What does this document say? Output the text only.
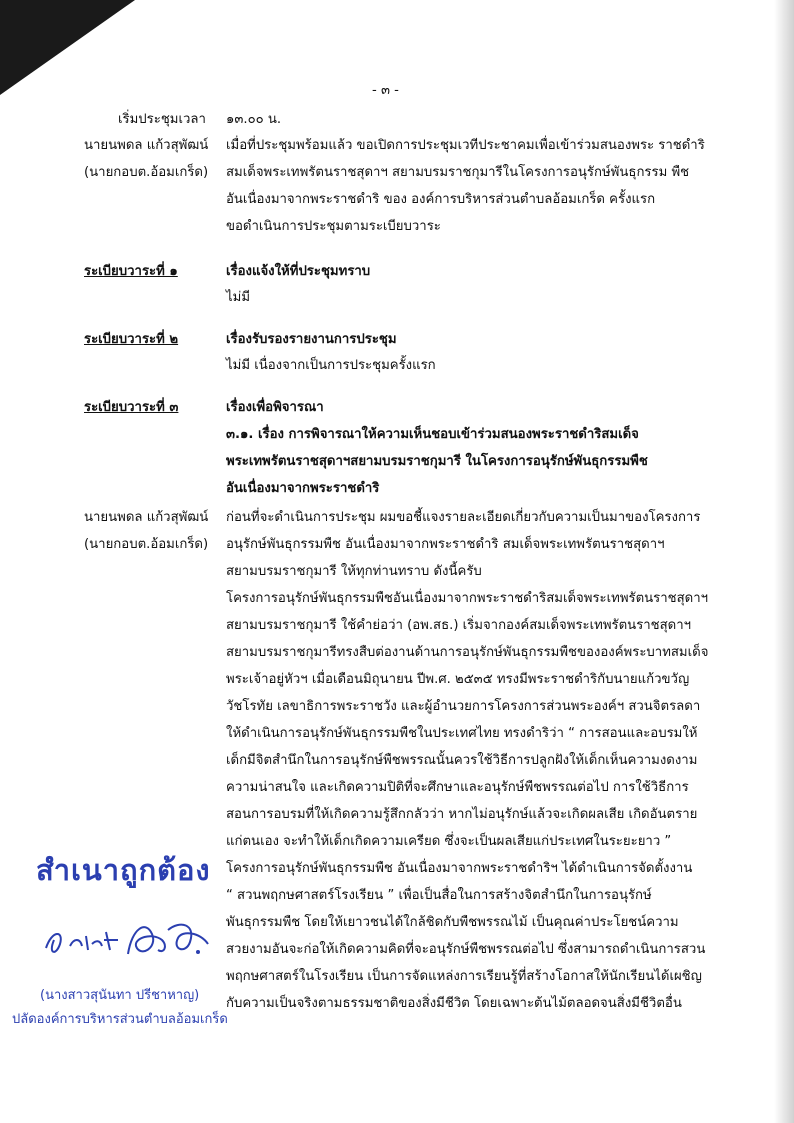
- ๓ -
เริ่มประชุมเวลา ๑๓.๐๐ น.
นายนพดล แก้วสุพัฒน์
(นายกอบต.อ้อมเกร็ด)
เมื่อที่ประชุมพร้อมแล้ว ขอเปิดการประชุมเวทีประชาคมเพื่อเข้าร่วมสนองพระ ราชดำริ
สมเด็จพระเทพรัตนราชสุดาฯ สยามบรมราชกุมารีในโครงการอนุรักษ์พันธุกรรม พืช
อันเนื่องมาจากพระราชดำริ ของ องค์การบริหารส่วนตำบลอ้อมเกร็ด ครั้งแรก
ขอดำเนินการประชุมตามระเบียบวาระ
ระเบียบวาระที่ ๑	เรื่องแจ้งให้ที่ประชุมทราบ
ไม่มี
ระเบียบวาระที่ ๒	เรื่องรับรองรายงานการประชุม
ไม่มี เนื่องจากเป็นการประชุมครั้งแรก
ระเบียบวาระที่ ๓	เรื่องเพื่อพิจารณา
๓.๑. เรื่อง การพิจารณาให้ความเห็นชอบเข้าร่วมสนองพระราชดำริสมเด็จ
พระเทพรัตนราชสุดาฯสยามบรมราชกุมารี ในโครงการอนุรักษ์พันธุกรรมพืช
อันเนื่องมาจากพระราชดำริ
นายนพดล แก้วสุพัฒน์
(นายกอบต.อ้อมเกร็ด)
ก่อนที่จะดำเนินการประชุม ผมขอชี้แจงรายละเอียดเกี่ยวกับความเป็นมาของโครงการ
อนุรักษ์พันธุกรรมพืช อันเนื่องมาจากพระราชดำริ สมเด็จพระเทพรัตนราชสุดาฯ
สยามบรมราชกุมารี ให้ทุกท่านทราบ ดังนี้ครับ
โครงการอนุรักษ์พันธุกรรมพืชอันเนื่องมาจากพระราชดำริสมเด็จพระเทพรัตนราชสุดาฯ
สยามบรมราชกุมารี ใช้คำย่อว่า (อพ.สธ.) เริ่มจากองค์สมเด็จพระเทพรัตนราชสุดาฯ
สยามบรมราชกุมารีทรงสืบต่องานด้านการอนุรักษ์พันธุกรรมพืชขององค์พระบาทสมเด็จ
พระเจ้าอยู่หัวฯ เมื่อเดือนมิถุนายน ปีพ.ศ. ๒๕๓๕ ทรงมีพระราชดำริกับนายแก้วขวัญ
วัชโรทัย เลขาธิการพระราชวัง และผู้อำนวยการโครงการส่วนพระองค์ฯ สวนจิตรลดา
ให้ดำเนินการอนุรักษ์พันธุกรรมพืชในประเทศไทย ทรงดำริว่า “ การสอนและอบรมให้
เด็กมีจิตสำนึกในการอนุรักษ์พืชพรรณนั้นควรใช้วิธีการปลูกฝังให้เด็กเห็นความงดงาม
ความน่าสนใจ และเกิดความปิติที่จะศึกษาและอนุรักษ์พืชพรรณต่อไป การใช้วิธีการ
สอนการอบรมที่ให้เกิดความรู้สึกกลัวว่า หากไม่อนุรักษ์แล้วจะเกิดผลเสีย เกิดอันตราย
แก่ตนเอง จะทำให้เด็กเกิดความเครียด ซึ่งจะเป็นผลเสียแก่ประเทศในระยะยาว ”
โครงการอนุรักษ์พันธุกรรมพืช อันเนื่องมาจากพระราชดำริฯ ได้ดำเนินการจัดตั้งงาน
“ สวนพฤกษศาสตร์โรงเรียน ” เพื่อเป็นสื่อในการสร้างจิตสำนึกในการอนุรักษ์
พันธุกรรมพืช โดยให้เยาวชนได้ใกล้ชิดกับพืชพรรณไม้ เป็นคุณค่าประโยชน์ความ
สวยงามอันจะก่อให้เกิดความคิดที่จะอนุรักษ์พืชพรรณต่อไป ซึ่งสามารถดำเนินการสวน
พฤกษศาสตร์ในโรงเรียน เป็นการจัดแหล่งการเรียนรู้ที่สร้างโอกาสให้นักเรียนได้เผชิญ
กับความเป็นจริงตามธรรมชาติของสิ่งมีชีวิต โดยเฉพาะต้นไม้ตลอดจนสิ่งมีชีวิตอื่น
สำเนาถูกต้อง
(นางสาวสุนันทา ปรีชาหาญ)
ปลัดองค์การบริหารส่วนตำบลอ้อมเกร็ด
